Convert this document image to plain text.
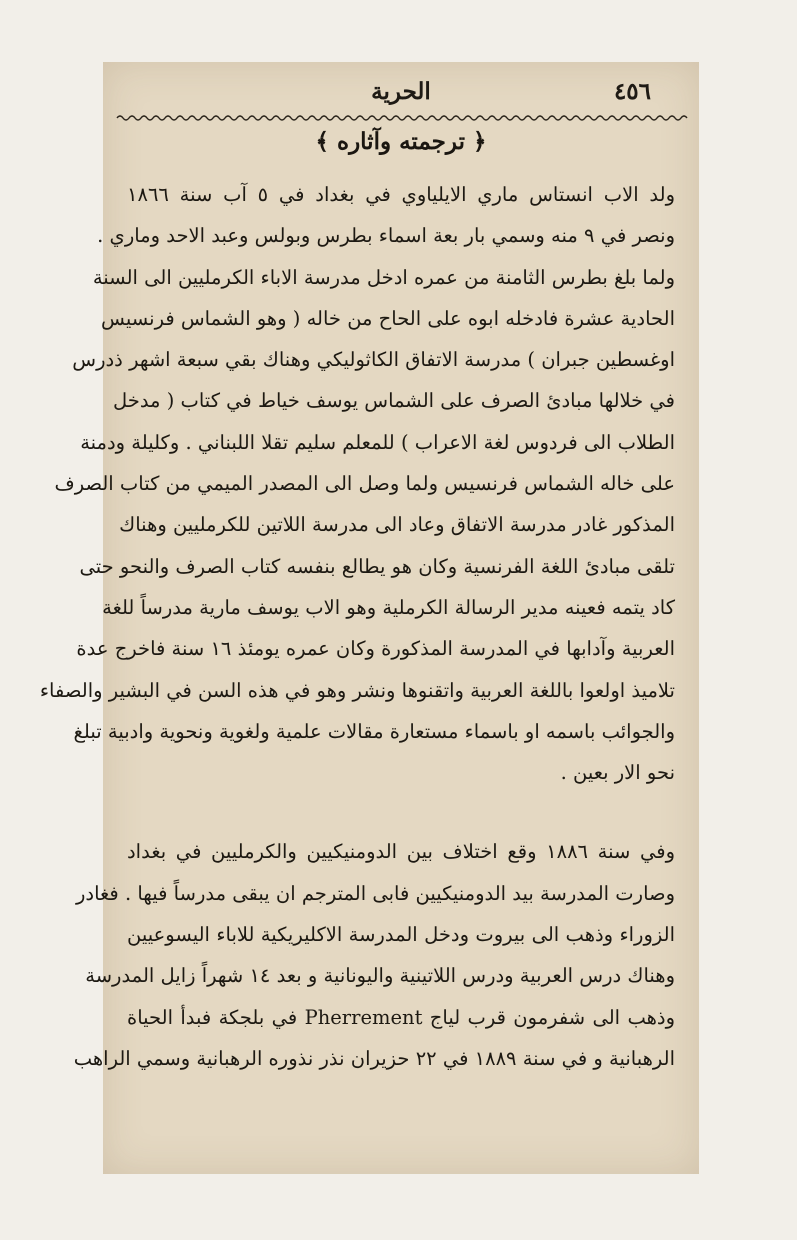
٤٥٦
الحرية
﴿ ترجمته وآثاره ﴾
ولد الاب انستاس ماري الايلياوي في بغداد في ٥ آب سنة ١٨٦٦
ونصر في ٩ منه وسمي بار بعة اسماء بطرس وبولس وعبد الاحد وماري .
ولما بلغ بطرس الثامنة من عمره ادخل مدرسة الاباء الكرمليين الى السنة
الحادية عشرة فادخله ابوه على الحاح من خاله ( وهو الشماس فرنسيس
اوغسطين جبران ) مدرسة الاتفاق الكاثوليكي وهناك بقي سبعة اشهر ذدرس
في خلالها مبادئ الصرف على الشماس يوسف خياط في كتاب ( مدخل
الطلاب الى فردوس لغة الاعراب ) للمعلم سليم تقلا اللبناني . وكليلة ودمنة
على خاله الشماس فرنسيس ولما وصل الى المصدر الميمي من كتاب الصرف
المذكور غادر مدرسة الاتفاق وعاد الى مدرسة اللاتين للكرمليين وهناك
تلقى مبادئ اللغة الفرنسية وكان هو يطالع بنفسه كتاب الصرف والنحو حتى
كاد يتمه فعينه مدير الرسالة الكرملية وهو الاب يوسف مارية مدرساً للغة
العربية وآدابها في المدرسة المذكورة وكان عمره يومئذ ١٦ سنة فاخرج عدة
تلاميذ اولعوا باللغة العربية واتقنوها ونشر وهو في هذه السن في البشير والصفاء
والجوائب باسمه او باسماء مستعارة مقالات علمية ولغوية ونحوية وادبية تبلغ
نحو الار بعين .
وفي سنة ١٨٨٦ وقع اختلاف بين الدومنيكيين والكرمليين في بغداد
وصارت المدرسة بيد الدومنيكيين فابى المترجم ان يبقى مدرساً فيها . فغادر
الزوراء وذهب الى بيروت ودخل المدرسة الاكليريكية للاباء اليسوعيين
وهناك درس العربية ودرس اللاتينية واليونانية و بعد ١٤ شهراً زايل المدرسة
وذهب الى شفرمون قرب لياج Pherrement في بلجكة فبدأ الحياة
الرهبانية و في سنة ١٨٨٩ في ٢٢ حزيران نذر نذوره الرهبانية وسمي الراهب
